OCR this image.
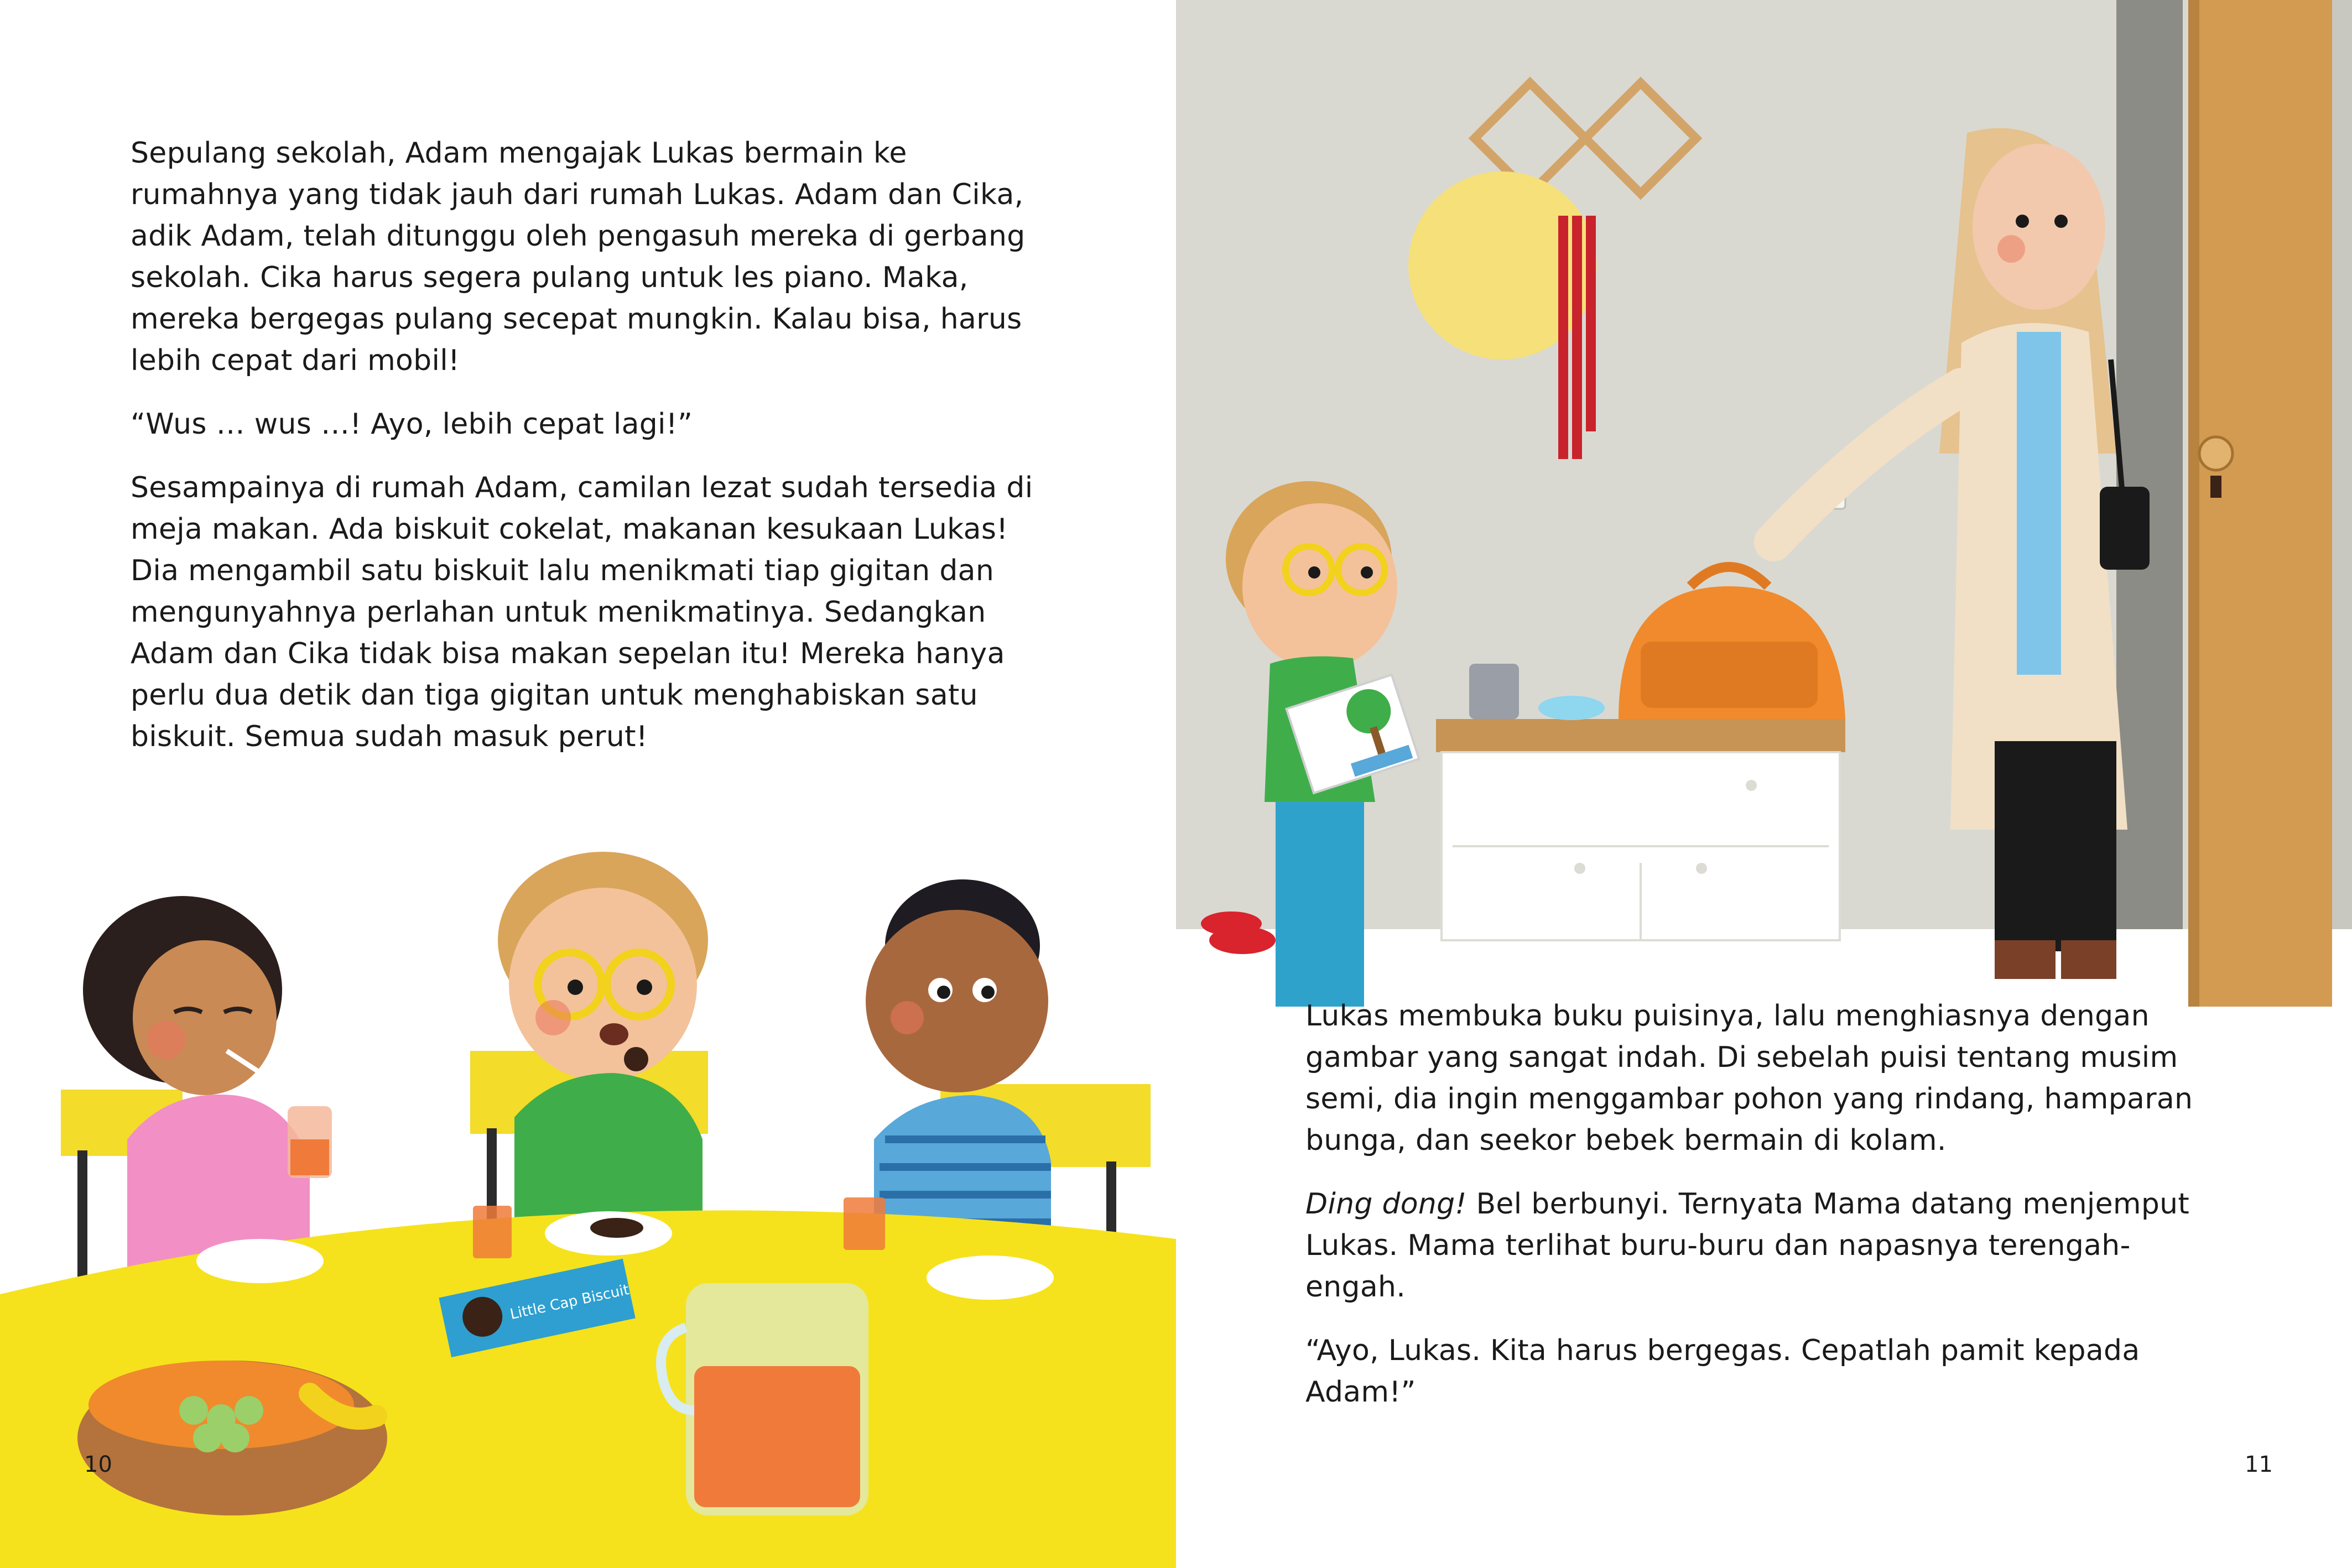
Sepulang sekolah, Adam mengajak Lukas bermain ke rumahnya yang tidak jauh dari rumah Lukas. Adam dan Cika, adik Adam, telah ditunggu oleh pengasuh mereka di gerbang sekolah. Cika harus segera pulang untuk les piano. Maka, mereka bergegas pulang secepat mungkin. Kalau bisa, harus lebih cepat dari mobil!

“Wus … wus …! Ayo, lebih cepat lagi!”

Sesampainya di rumah Adam, camilan lezat sudah tersedia di meja makan. Ada biskuit cokelat, makanan kesukaan Lukas! Dia mengambil satu biskuit lalu menikmati tiap gigitan dan mengunyahnya perlahan untuk menikmatinya. Sedangkan Adam dan Cika tidak bisa makan sepelan itu! Mereka hanya perlu dua detik dan tiga gigitan untuk menghabiskan satu biskuit. Semua sudah masuk perut!

Little Cap Biscuit
10

Lukas membuka buku puisinya, lalu menghiasnya dengan gambar yang sangat indah. Di sebelah puisi tentang musim semi, dia ingin menggambar pohon yang rindang, hamparan bunga, dan seekor bebek bermain di kolam.

Ding dong! Bel berbunyi. Ternyata Mama datang menjemput Lukas. Mama terlihat buru-buru dan napasnya terengah-engah.

“Ayo, Lukas. Kita harus bergegas. Cepatlah pamit kepada Adam!”

11
